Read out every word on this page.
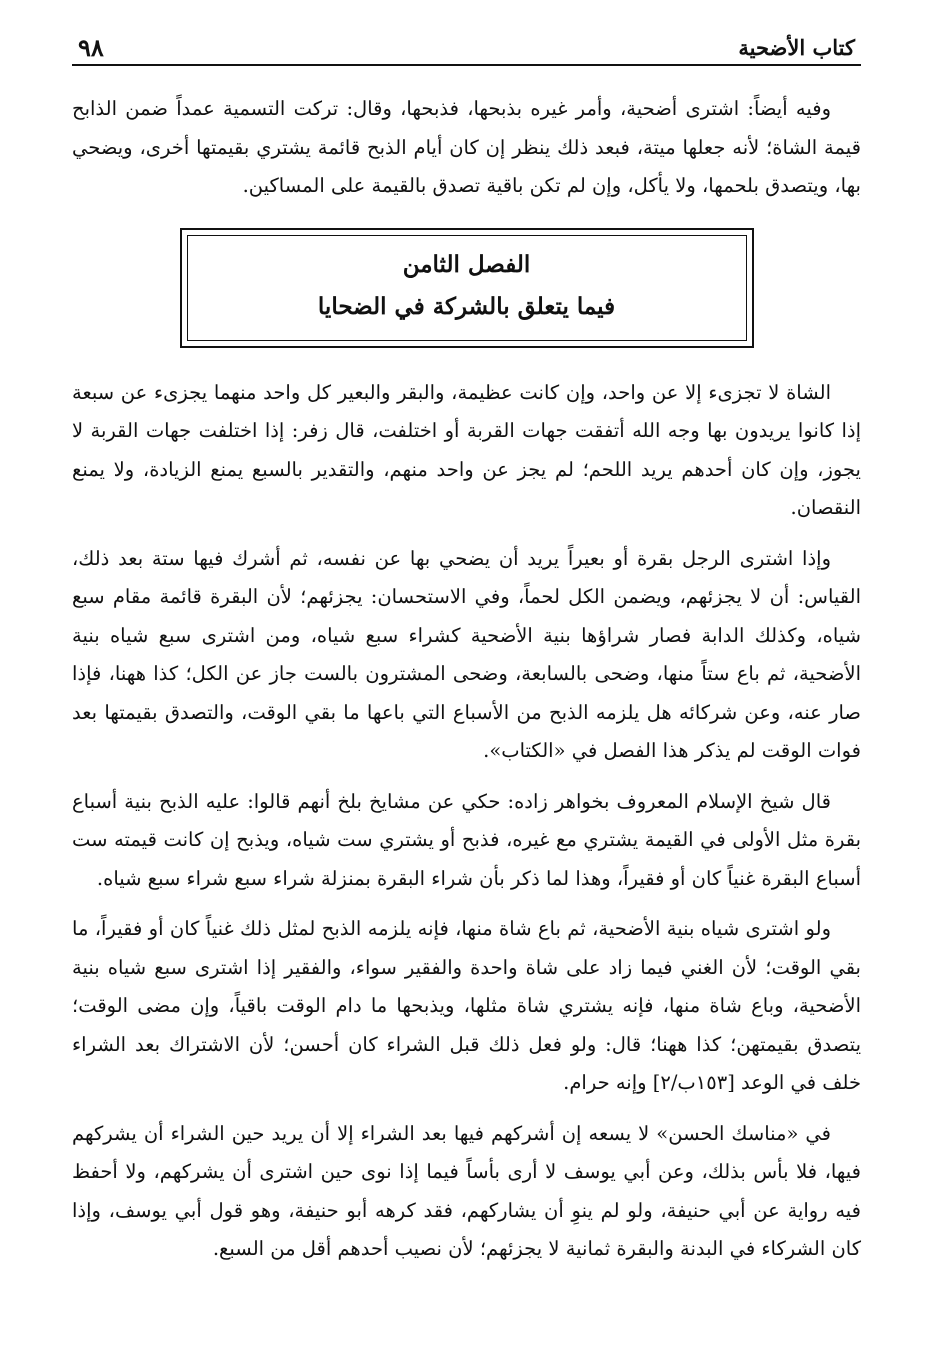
كتاب الأضحية
٩٨

وفيه أيضاً: اشترى أضحية، وأمر غيره بذبحها، فذبحها، وقال: تركت التسمية عمداً ضمن الذابح قيمة الشاة؛ لأنه جعلها ميتة، فبعد ذلك ينظر إن كان أيام الذبح قائمة يشتري بقيمتها أخرى، ويضحي بها، ويتصدق بلحمها، ولا يأكل، وإن لم تكن باقية تصدق بالقيمة على المساكين.

الفصل الثامن
فيما يتعلق بالشركة في الضحايا

الشاة لا تجزىء إلا عن واحد، وإن كانت عظيمة، والبقر والبعير كل واحد منهما يجزىء عن سبعة إذا كانوا يريدون بها وجه الله أتفقت جهات القربة أو اختلفت، قال زفر: إذا اختلفت جهات القربة لا يجوز، وإن كان أحدهم يريد اللحم؛ لم يجز عن واحد منهم، والتقدير بالسبع يمنع الزيادة، ولا يمنع النقصان.

وإذا اشترى الرجل بقرة أو بعيراً يريد أن يضحي بها عن نفسه، ثم أشرك فيها ستة بعد ذلك، القياس: أن لا يجزئهم، ويضمن الكل لحماً، وفي الاستحسان: يجزئهم؛ لأن البقرة قائمة مقام سبع شياه، وكذلك الدابة فصار شراؤها بنية الأضحية كشراء سبع شياه، ومن اشترى سبع شياه بنية الأضحية، ثم باع ستاً منها، وضحى بالسابعة، وضحى المشترون بالست جاز عن الكل؛ كذا ههنا، فإذا صار عنه، وعن شركائه هل يلزمه الذبح من الأسباع التي باعها ما بقي الوقت، والتصدق بقيمتها بعد فوات الوقت لم يذكر هذا الفصل في «الكتاب».

قال شيخ الإسلام المعروف بخواهر زاده: حكي عن مشايخ بلخ أنهم قالوا: عليه الذبح بنية أسباع بقرة مثل الأولى في القيمة يشتري مع غيره، فذبح أو يشتري ست شياه، ويذبح إن كانت قيمته ست أسباع البقرة غنياً كان أو فقيراً، وهذا لما ذكر بأن شراء البقرة بمنزلة شراء سبع شراء سبع شياه.

ولو اشترى شياه بنية الأضحية، ثم باع شاة منها، فإنه يلزمه الذبح لمثل ذلك غنياً كان أو فقيراً، ما بقي الوقت؛ لأن الغني فيما زاد على شاة واحدة والفقير سواء، والفقير إذا اشترى سبع شياه بنية الأضحية، وباع شاة منها، فإنه يشتري شاة مثلها، ويذبحها ما دام الوقت باقياً، وإن مضى الوقت؛ يتصدق بقيمتهن؛ كذا ههنا؛ قال: ولو فعل ذلك قبل الشراء كان أحسن؛ لأن الاشتراك بعد الشراء خلف في الوعد [١٥٣ب/٢] وإنه حرام.

في «مناسك الحسن» لا يسعه إن أشركهم فيها بعد الشراء إلا أن يريد حين الشراء أن يشركهم فيها، فلا بأس بذلك، وعن أبي يوسف لا أرى بأساً فيما إذا نوى حين اشترى أن يشركهم، ولا أحفظ فيه رواية عن أبي حنيفة، ولو لم ينوِ أن يشاركهم، فقد كرهه أبو حنيفة، وهو قول أبي يوسف، وإذا كان الشركاء في البدنة والبقرة ثمانية لا يجزئهم؛ لأن نصيب أحدهم أقل من السبع.
